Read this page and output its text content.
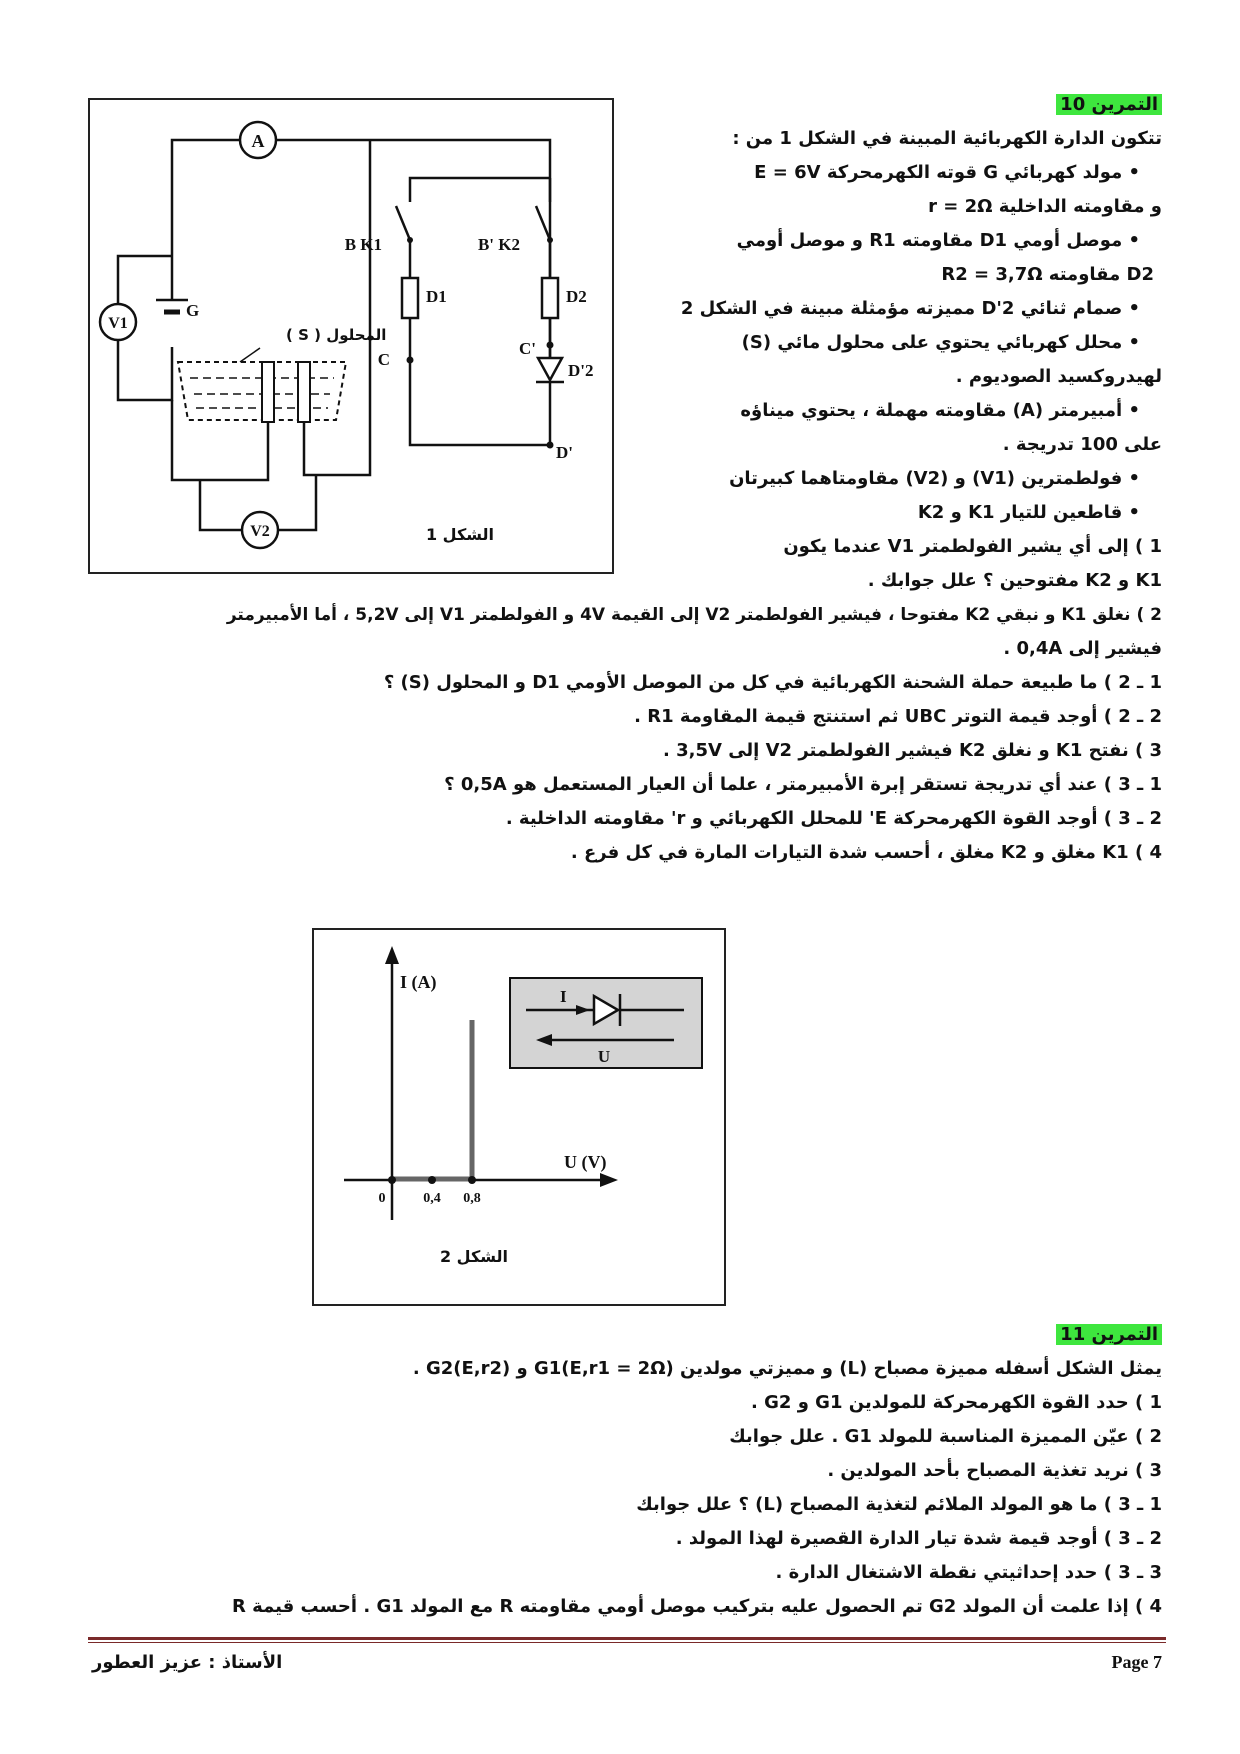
A
V1
G
المحلول ( S )
V2
B K1	B' K2
D1	D2
C
C'
D'2
D'
الشكل 1
التمرين 10
تتكون الدارة الكهربائية المبينة في الشكل 1 من :
• مولد كهربائي G قوته الكهرمحركة E = 6V
و مقاومته الداخلية r = 2Ω
• موصل أومي D1 مقاومته R1 و موصل أومي
D2 مقاومته R2 = 3,7Ω
• صمام ثنائي D'2 مميزته مؤمثلة مبينة في الشكل 2
• محلل كهربائي يحتوي على محلول مائي (S)
لهيدروكسيد الصوديوم .
• أمبيرمتر (A) مقاومته مهملة ، يحتوي ميناؤه
على 100 تدريجة .
• فولطمترين (V1) و (V2) مقاومتاهما كبيرتان
• قاطعين للتيار K1 و K2
1 ) إلى أي يشير الفولطمتر V1 عندما يكون
K1 و K2 مفتوحين ؟ علل جوابك .
2 ) نغلق K1 و نبقي K2 مفتوحا ، فيشير الفولطمتر V2 إلى القيمة 4V و الفولطمتر V1 إلى 5,2V ، أما الأمبيرمتر
فيشير إلى 0,4A .
1 ـ 2 ) ما طبيعة حملة الشحنة الكهربائية في كل من الموصل الأومي D1 و المحلول (S) ؟
2 ـ 2 ) أوجد قيمة التوتر UBC ثم استنتج قيمة المقاومة R1 .
3 ) نفتح K1 و نغلق K2 فيشير الفولطمتر V2 إلى 3,5V .
1 ـ 3 ) عند أي تدريجة تستقر إبرة الأمبيرمتر ، علما أن العيار المستعمل هو 0,5A ؟
2 ـ 3 ) أوجد القوة الكهرمحركة E' للمحلل الكهربائي و r' مقاومته الداخلية .
4 ) K1 مغلق و K2 مغلق ، أحسب شدة التيارات المارة في كل فرع .
I (A)
U (V)
0	0,4 0,8
I
U
الشكل 2
التمرين 11
يمثل الشكل أسفله مميزة مصباح (L) و مميزتي مولدين G1(E,r1 = 2Ω) و G2(E,r2) .
1 ) حدد القوة الكهرمحركة للمولدين G1 و G2 .
2 ) عيّن المميزة المناسبة للمولد G1 . علل جوابك
3 ) نريد تغذية المصباح بأحد المولدين .
1 ـ 3 ) ما هو المولد الملائم لتغذية المصباح (L) ؟ علل جوابك
2 ـ 3 ) أوجد قيمة شدة تيار الدارة القصيرة لهذا المولد .
3 ـ 3 ) حدد إحداثيتي نقطة الاشتغال الدارة .
4 ) إذا علمت أن المولد G2 تم الحصول عليه بتركيب موصل أومي مقاومته R مع المولد G1 . أحسب قيمة R
Page 7
الأستاذ : عزيز العطور
